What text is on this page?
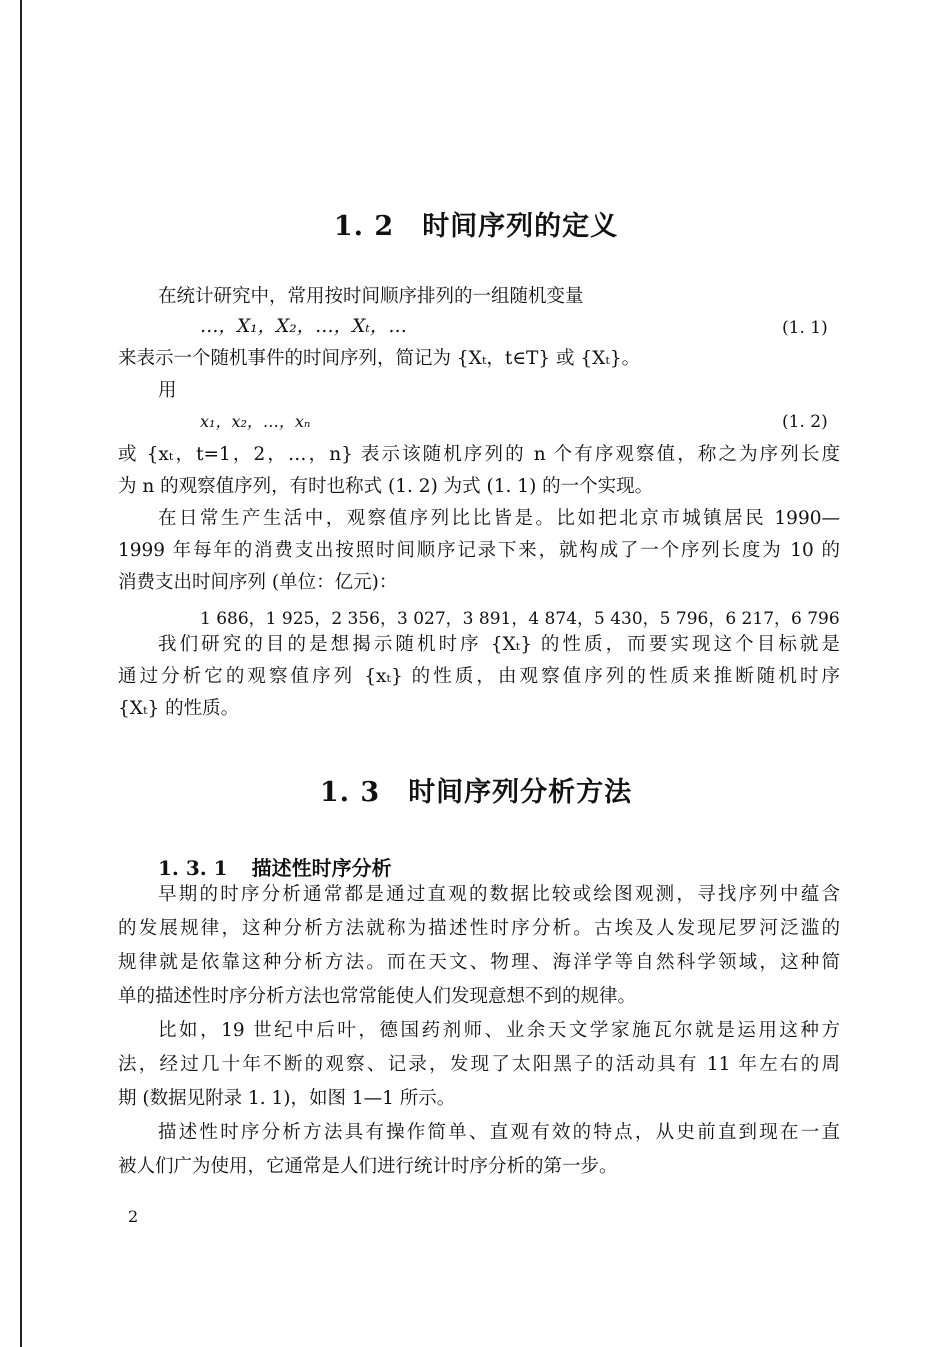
1. 2 时间序列的定义
在统计研究中，常用按时间顺序排列的一组随机变量
…，X₁，X₂，…，Xₜ，…	(1. 1)
来表示一个随机事件的时间序列，简记为 {Xₜ，t∈T} 或 {Xₜ}。
用
x₁，x₂，…，xₙ	(1. 2)
或 {xₜ，t=1，2，…，n} 表示该随机序列的 n 个有序观察值，称之为序列长度
为 n 的观察值序列，有时也称式 (1. 2) 为式 (1. 1) 的一个实现。
在日常生产生活中，观察值序列比比皆是。比如把北京市城镇居民 1990—
1999 年每年的消费支出按照时间顺序记录下来，就构成了一个序列长度为 10 的
消费支出时间序列 (单位：亿元)：
1 686，1 925，2 356，3 027，3 891，4 874，5 430，5 796，6 217，6 796
我们研究的目的是想揭示随机时序 {Xₜ} 的性质，而要实现这个目标就是
通过分析它的观察值序列 {xₜ} 的性质，由观察值序列的性质来推断随机时序
{Xₜ} 的性质。
1. 3 时间序列分析方法
1. 3. 1 描述性时序分析
早期的时序分析通常都是通过直观的数据比较或绘图观测，寻找序列中蕴含
的发展规律，这种分析方法就称为描述性时序分析。古埃及人发现尼罗河泛滥的
规律就是依靠这种分析方法。而在天文、物理、海洋学等自然科学领域，这种简
单的描述性时序分析方法也常常能使人们发现意想不到的规律。
比如，19 世纪中后叶，德国药剂师、业余天文学家施瓦尔就是运用这种方
法，经过几十年不断的观察、记录，发现了太阳黑子的活动具有 11 年左右的周
期 (数据见附录 1. 1)，如图 1—1 所示。
描述性时序分析方法具有操作简单、直观有效的特点，从史前直到现在一直
被人们广为使用，它通常是人们进行统计时序分析的第一步。
2
